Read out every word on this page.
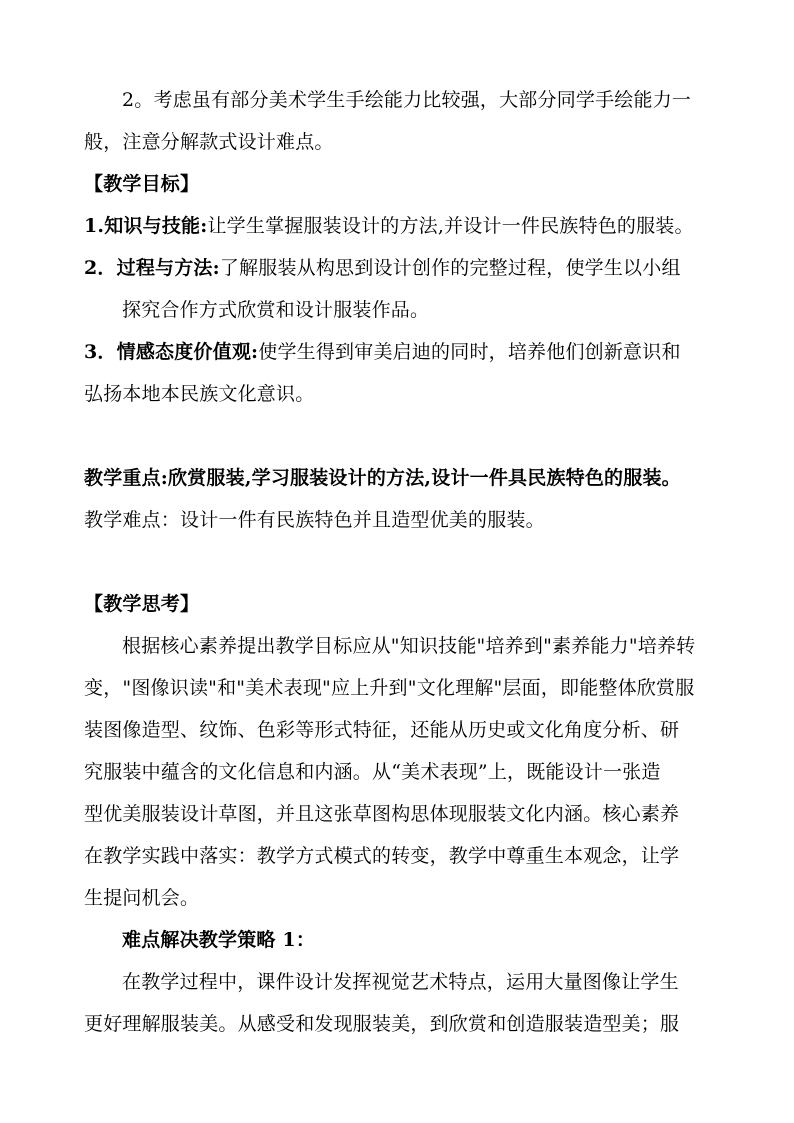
2。考虑虽有部分美术学生手绘能力比较强，大部分同学手绘能力一
般，注意分解款式设计难点。
【教学目标】
1.知识与技能:让学生掌握服装设计的方法,并设计一件民族特色的服装。
2．过程与方法:了解服装从构思到设计创作的完整过程，使学生以小组
探究合作方式欣赏和设计服装作品。
3．情感态度价值观:使学生得到审美启迪的同时，培养他们创新意识和
弘扬本地本民族文化意识。
教学重点:欣赏服装,学习服装设计的方法,设计一件具民族特色的服装。
教学难点：设计一件有民族特色并且造型优美的服装。
【教学思考】
根据核心素养提出教学目标应从"知识技能"培养到"素养能力"培养转
变，"图像识读"和"美术表现"应上升到"文化理解"层面，即能整体欣赏服
装图像造型、纹饰、色彩等形式特征，还能从历史或文化角度分析、研
究服装中蕴含的文化信息和内涵。从“美术表现”上，既能设计一张造
型优美服装设计草图，并且这张草图构思体现服装文化内涵。核心素养
在教学实践中落实：教学方式模式的转变，教学中尊重生本观念，让学
生提问机会。
难点解决教学策略 1：
在教学过程中，课件设计发挥视觉艺术特点，运用大量图像让学生
更好理解服装美。从感受和发现服装美，到欣赏和创造服装造型美；服
